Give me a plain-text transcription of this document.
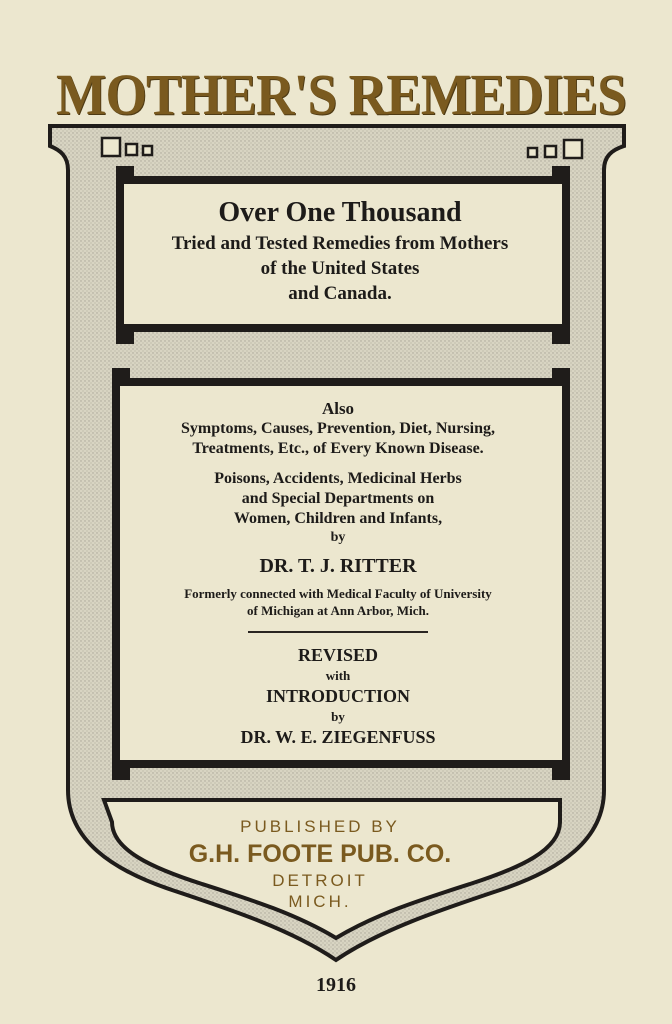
MOTHER'S REMEDIES
Over One Thousand
Tried and Tested Remedies from Mothers
of the United States
and Canada.
Also
Symptoms, Causes, Prevention, Diet, Nursing,
Treatments, Etc., of Every Known Disease.
Poisons, Accidents, Medicinal Herbs
and Special Departments on
Women, Children and Infants,
by
DR. T. J. RITTER
Formerly connected with Medical Faculty of University
of Michigan at Ann Arbor, Mich.
REVISED
with
INTRODUCTION
by
DR. W. E. ZIEGENFUSS
PUBLISHED BY
G.H. FOOTE PUB. CO.
DETROIT
MICH.
1916
